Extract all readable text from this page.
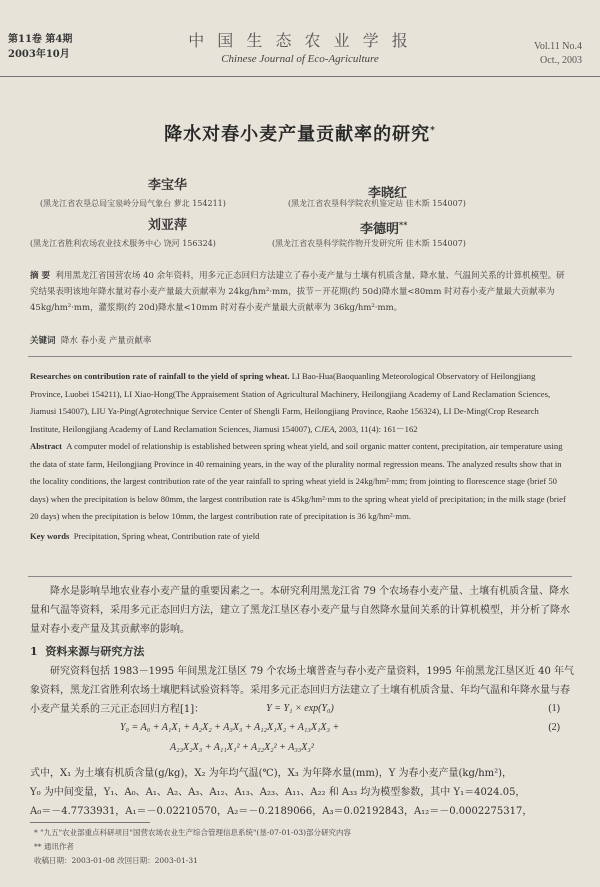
第11卷 第4期
2003年10月
中 国 生 态 农 业 学 报
Chinese Journal of Eco-Agriculture
Vol.11 No.4
Oct., 2003
降水对春小麦产量贡献率的研究*
李宝华
李晓红
(黑龙江省农垦总局宝泉岭分局气象台 萝北 154211)	(黑龙江省农垦科学院农机鉴定站 佳木斯 154007)
刘亚萍	李德明**
(黑龙江省胜利农场农业技术服务中心 饶河 156324)	(黑龙江省农垦科学院作物开发研究所 佳木斯 154007)
摘 要 利用黑龙江省国营农场 40 余年资料，用多元正态回归方法建立了春小麦产量与土壤有机质含量、降水量、气温间关系的计算机模型。研究结果表明该地年降水量对春小麦产量最大贡献率为 24kg/hm²·mm，拔节－开花期(约 50d)降水量<80mm 时对春小麦产量最大贡献率为 45kg/hm²·mm，灌浆期(约 20d)降水量<10mm 时对春小麦产量最大贡献率为 36kg/hm²·mm。
关键词 降水 春小麦 产量贡献率
Researches on contribution rate of rainfall to the yield of spring wheat. LI Bao-Hua(Baoquanling Meteorological Observatory of Heilongjiang Province, Luobei 154211), LI Xiao-Hong(The Appraisement Station of Agricultural Machinery, Heilongjiang Academy of Land Reclamation Sciences, Jiamusi 154007), LIU Ya-Ping(Agrotechnique Service Center of Shengli Farm, Heilongjiang Province, Raohe 156324), LI De-Ming(Crop Research Institute, Heilongjiang Academy of Land Reclamation Sciences, Jiamusi 154007), CJEA, 2003, 11(4): 161－162
Abstract A computer model of relationship is established between spring wheat yield, and soil organic matter content, precipitation, air temperature using the data of state farm, Heilongjiang Province in 40 remaining years, in the way of the plurality normal regression means. The analyzed results show that in the locality conditions, the largest contribution rate of the year rainfall to spring wheat yield is 24kg/hm²·mm; from jointing to florescence stage (brief 50 days) when the precipitation is below 80mm, the largest contribution rate is 45kg/hm²·mm to the spring wheat yield of precipitation; in the milk stage (brief 20 days) when the precipitation is below 10mm, the largest contribution rate of precipitation is 36 kg/hm²·mm.
Key words Precipitation, Spring wheat, Contribution rate of yield
降水是影响旱地农业春小麦产量的重要因素之一。本研究利用黑龙江省 79 个农场春小麦产量、土壤有机质含量、降水量和气温等资料，采用多元正态回归方法，建立了黑龙江垦区春小麦产量与自然降水量间关系的计算机模型，并分析了降水量对春小麦产量及其贡献率的影响。
1 资料来源与研究方法
研究资料包括 1983－1995 年间黑龙江垦区 79 个农场土壤普查与春小麦产量资料，1995 年前黑龙江垦区近 40 年气象资料，黑龙江省胜利农场土壤肥料试验资料等。采用多元正态回归方法建立了土壤有机质含量、年均气温和年降水量与春小麦产量关系的三元正态回归方程[1]：	Y = Y₁ × exp(Y₀)	(1)
Y₀ = A₀ + A₁X₁ + A₂X₂ + A₃X₃ + A₁₂X₁X₂ + A₁₃X₁X₃ +	(2)
A₂₃X₂X₃ + A₁₁X₁² + A₂₂X₂² + A₃₃X₃²
式中，X₁ 为土壤有机质含量(g/kg)，X₂ 为年均气温(℃)，X₃ 为年降水量(mm)，Y 为春小麦产量(kg/hm²)，
Y₀ 为中间变量，Y₁、A₀、A₁、A₂、A₃、A₁₂、A₁₃、A₂₃、A₁₁、A₂₂ 和 A₃₃ 均为模型参数，其中 Y₁＝4024.05，
A₀＝－4.7733931，A₁＝－0.02210570，A₂＝－0.2189066，A₃＝0.02192843，A₁₂＝－0.0002275317，
* "九五"农业部重点科研项目"国营农场农业生产综合管理信息系统"(垦-07-01-03)部分研究内容
** 通讯作者
收稿日期：2003-01-08 改回日期：2003-01-31
